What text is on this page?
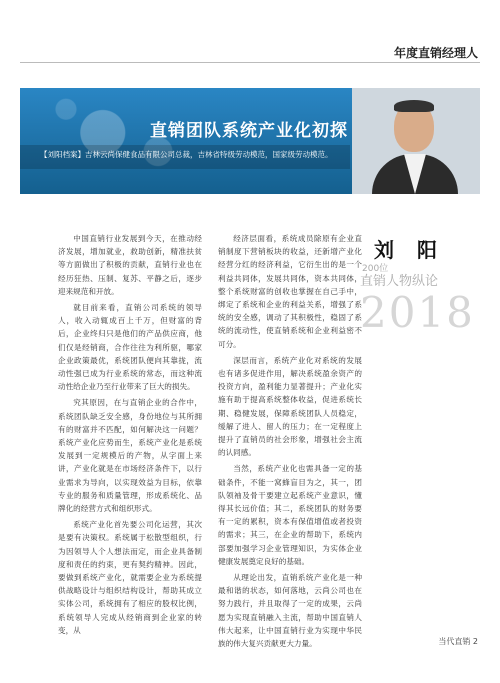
年度直销经理人
直销团队系统产业化初探
【刘阳档案】吉林云尚保健食品有限公司总裁，吉林省特级劳动模范，国家级劳动模范。

中国直销行业发展到今天，在推动经济发展，增加就业，救助创新，精准扶贫等方面做出了积极的贡献，直销行业也在经历狂热、压制、复苏、平静之后，逐步迎来规范和开放。

就目前来看，直销公司系统的领导人，收入动辄成百上千万，但财富的背后，企业终归只是他们的产品供应商，他们仅是经销商，合作往往为利所驱，哪家企业政策最优，系统团队便向其靠拢，流动性强已成为行业系统的常态，而这种流动性给企业乃至行业带来了巨大的损失。

究其原因，在与直销企业的合作中，系统团队缺乏安全感，身份地位与其所拥有的财富并不匹配，如何解决这一问题？系统产业化应势而生，系统产业化是系统发展到一定规模后的产物，从字面上来讲，产业化就是在市场经济条件下，以行业需求为导向，以实现效益为目标，依靠专业的服务和质量管理，形成系统化、品牌化的经营方式和组织形式。

系统产业化首先要公司化运营，其次是要有决策权。系统属于松散型组织，行为因领导人个人想法而定，而企业具备制度和责任的约束，更有契约精神。因此，要做到系统产业化，就需要企业为系统提供战略设计与组织结构设计，帮助其成立实体公司，系统拥有了相应的股权比例，系统领导人完成从经销商到企业家的转变，从

经济层面看，系统成员除原有企业直销制度下营销板块的收益，还新增产业化经营分红的经济利益，它衍生出的是一个利益共同体，发展共同体，资本共同体，整个系统财富的创收也掌握在自己手中，绑定了系统和企业的利益关系，增强了系统的安全感，调动了其积极性，稳固了系统的流动性，使直销系统和企业利益密不可分。

深层而言，系统产业化对系统的发展也有诸多促进作用，解决系统盈余资产的投资方向，盈利能力显著提升；产业化实施有助于提高系统整体收益，促进系统长期、稳健发展，保障系统团队人员稳定，缓解了进人、留人的压力；在一定程度上提升了直销员的社会形象，增强社会主流的认同感。

当然，系统产业化也需具备一定的基础条件，不能一窝蜂盲目为之，其一，团队领袖及骨干要建立起系统产业意识，懂得其长远价值；其二，系统团队的财务要有一定的累积，资本有保值增值或者投资的需求；其三，在企业的帮助下，系统内部要加强学习企业管理知识，为实体企业健康发展奠定良好的基础。

从理论出发，直销系统产业化是一种最和谐的状态，如何落地，云尚公司也在努力践行，并且取得了一定的成果，云尚愿为实现直销融入主流，帮助中国直销人伟大起来，让中国直销行业为实现中华民族的伟大复兴贡献更大力量。

刘 阳
200位
直销人物纵论
2018
当代直销 2
